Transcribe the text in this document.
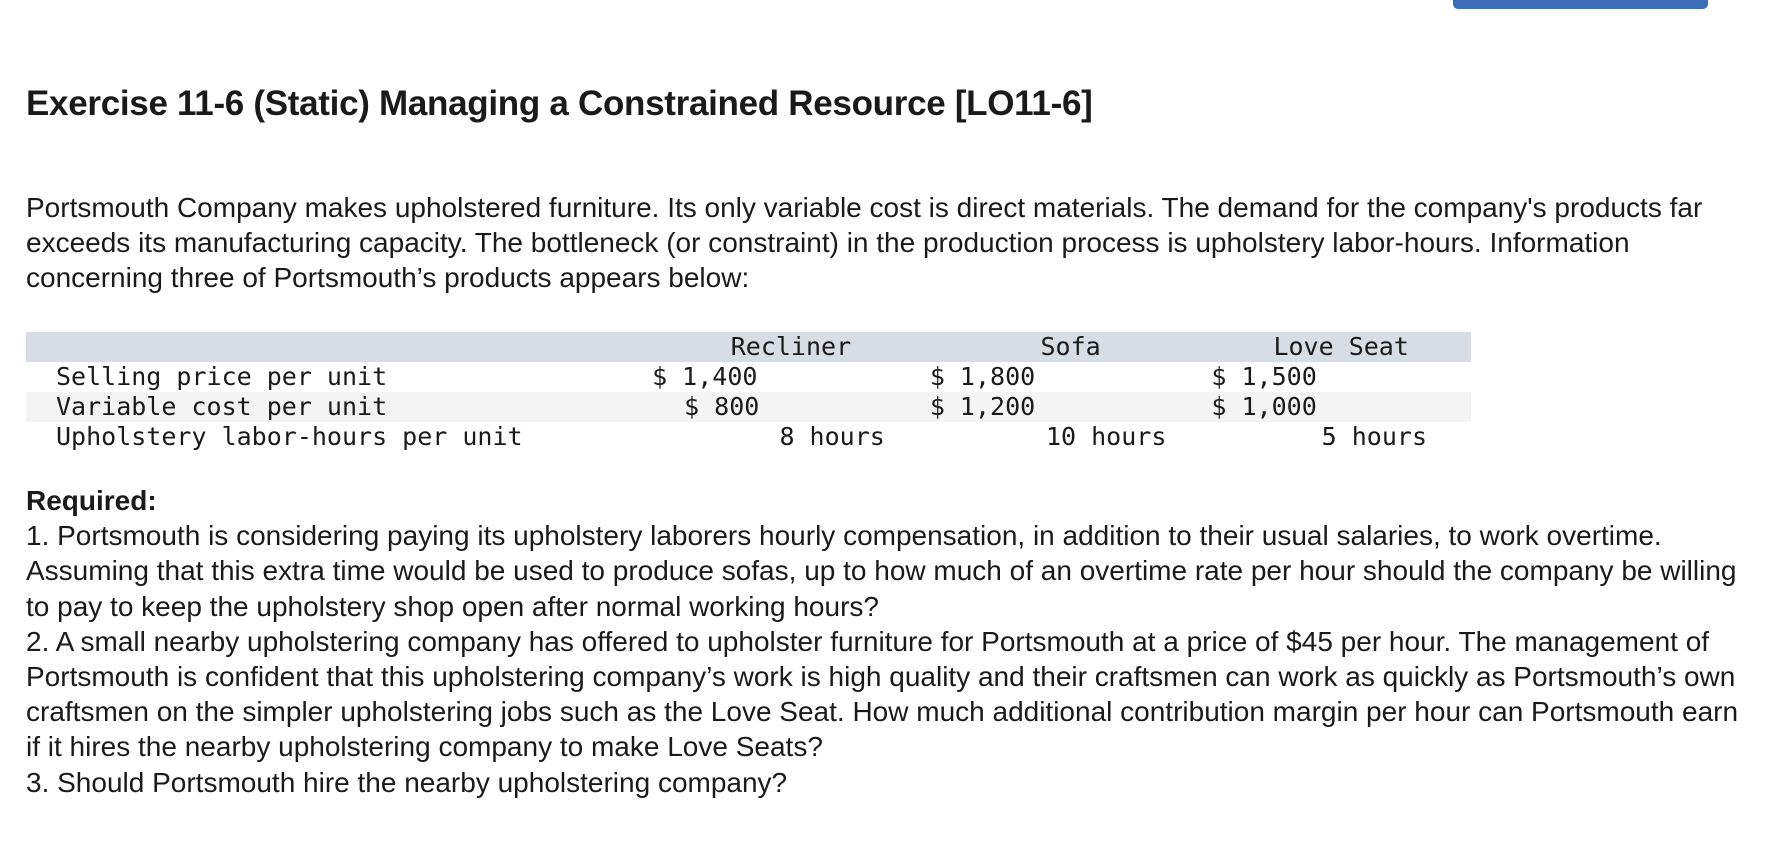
Exercise 11-6 (Static) Managing a Constrained Resource [LO11-6]

Portsmouth Company makes upholstered furniture. Its only variable cost is direct materials. The demand for the company's products far exceeds its manufacturing capacity. The bottleneck (or constraint) in the production process is upholstery labor-hours. Information concerning three of Portsmouth’s products appears below:

	Recliner	Sofa	Love Seat
Selling price per unit	$ 1,400	$ 1,800	$ 1,500

Variable cost per unit	$ 800	$ 1,200	$ 1,000

Upholstery labor-hours per unit	8 hours	10 hours	5 hours
Required:
1. Portsmouth is considering paying its upholstery laborers hourly compensation, in addition to their usual salaries, to work overtime. Assuming that this extra time would be used to produce sofas, up to how much of an overtime rate per hour should the company be willing to pay to keep the upholstery shop open after normal working hours?
2. A small nearby upholstering company has offered to upholster furniture for Portsmouth at a price of $45 per hour. The management of Portsmouth is confident that this upholstering company’s work is high quality and their craftsmen can work as quickly as Portsmouth’s own craftsmen on the simpler upholstering jobs such as the Love Seat. How much additional contribution margin per hour can Portsmouth earn if it hires the nearby upholstering company to make Love Seats?
3. Should Portsmouth hire the nearby upholstering company?
